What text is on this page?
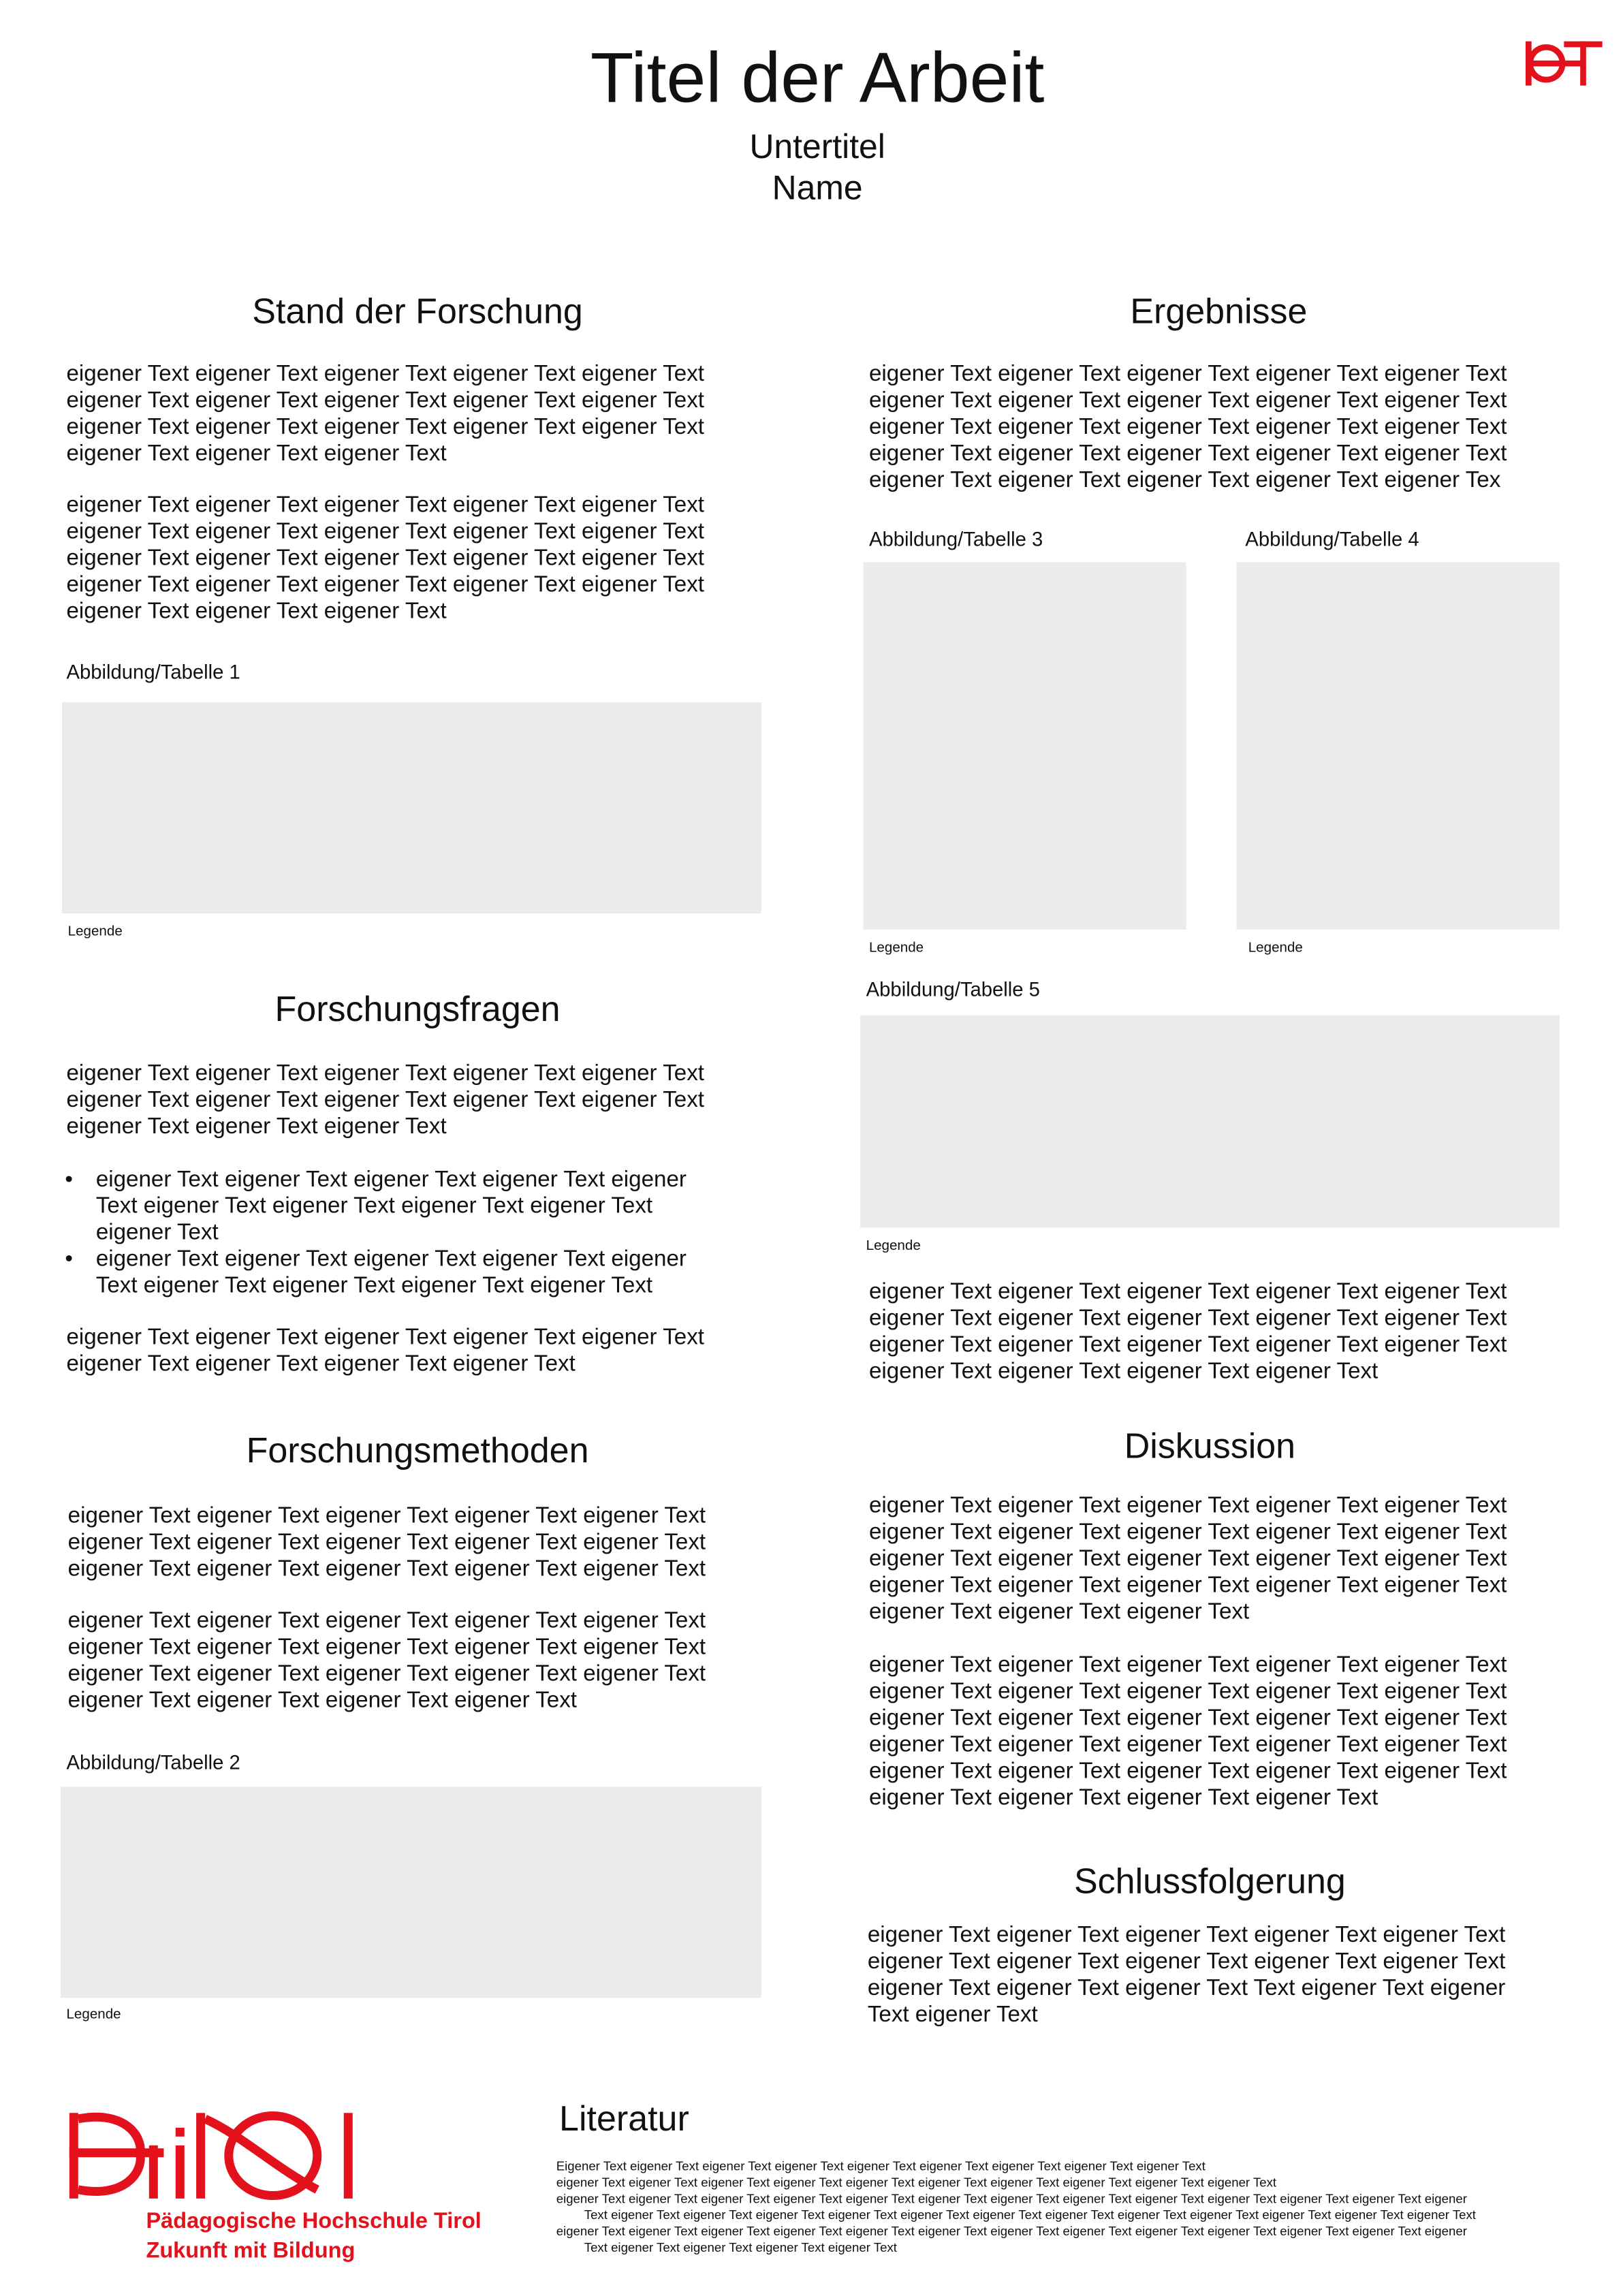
Titel der Arbeit
Untertitel
Name
Stand der Forschung
eigener Text eigener Text eigener Text eigener Text eigener Text
eigener Text eigener Text eigener Text eigener Text eigener Text
eigener Text eigener Text eigener Text eigener Text eigener Text
eigener Text eigener Text eigener Text
eigener Text eigener Text eigener Text eigener Text eigener Text
eigener Text eigener Text eigener Text eigener Text eigener Text
eigener Text eigener Text eigener Text eigener Text eigener Text
eigener Text eigener Text eigener Text eigener Text eigener Text
eigener Text eigener Text eigener Text
Abbildung/Tabelle 1
Legende
Forschungsfragen
eigener Text eigener Text eigener Text eigener Text eigener Text
eigener Text eigener Text eigener Text eigener Text eigener Text
eigener Text eigener Text eigener Text
• eigener Text eigener Text eigener Text eigener Text eigener
Text eigener Text eigener Text eigener Text eigener Text
eigener Text
• eigener Text eigener Text eigener Text eigener Text eigener
Text eigener Text eigener Text eigener Text eigener Text
eigener Text eigener Text eigener Text eigener Text eigener Text
eigener Text eigener Text eigener Text eigener Text
Forschungsmethoden
eigener Text eigener Text eigener Text eigener Text eigener Text
eigener Text eigener Text eigener Text eigener Text eigener Text
eigener Text eigener Text eigener Text eigener Text eigener Text
eigener Text eigener Text eigener Text eigener Text eigener Text
eigener Text eigener Text eigener Text eigener Text eigener Text
eigener Text eigener Text eigener Text eigener Text eigener Text
eigener Text eigener Text eigener Text eigener Text
Abbildung/Tabelle 2
Legende
Ergebnisse
eigener Text eigener Text eigener Text eigener Text eigener Text
eigener Text eigener Text eigener Text eigener Text eigener Text
eigener Text eigener Text eigener Text eigener Text eigener Text
eigener Text eigener Text eigener Text eigener Text eigener Text
eigener Text eigener Text eigener Text eigener Text eigener Tex
Abbildung/Tabelle 3	Abbildung/Tabelle 4
Legende	Legende
Abbildung/Tabelle 5
Legende
eigener Text eigener Text eigener Text eigener Text eigener Text
eigener Text eigener Text eigener Text eigener Text eigener Text
eigener Text eigener Text eigener Text eigener Text eigener Text
eigener Text eigener Text eigener Text eigener Text
Diskussion
eigener Text eigener Text eigener Text eigener Text eigener Text
eigener Text eigener Text eigener Text eigener Text eigener Text
eigener Text eigener Text eigener Text eigener Text eigener Text
eigener Text eigener Text eigener Text eigener Text eigener Text
eigener Text eigener Text eigener Text
eigener Text eigener Text eigener Text eigener Text eigener Text
eigener Text eigener Text eigener Text eigener Text eigener Text
eigener Text eigener Text eigener Text eigener Text eigener Text
eigener Text eigener Text eigener Text eigener Text eigener Text
eigener Text eigener Text eigener Text eigener Text eigener Text
eigener Text eigener Text eigener Text eigener Text
Schlussfolgerung
eigener Text eigener Text eigener Text eigener Text eigener Text
eigener Text eigener Text eigener Text eigener Text eigener Text
eigener Text eigener Text eigener Text Text eigener Text eigener
Text eigener Text
Literatur
Eigener Text eigener Text eigener Text eigener Text eigener Text eigener Text eigener Text eigener Text eigener Text
eigener Text eigener Text eigener Text eigener Text eigener Text eigener Text eigener Text eigener Text eigener Text eigener Text
eigener Text eigener Text eigener Text eigener Text eigener Text eigener Text eigener Text eigener Text eigener Text eigener Text eigener Text eigener Text eigener
Text eigener Text eigener Text eigener Text eigener Text eigener Text eigener Text eigener Text eigener Text eigener Text eigener Text eigener Text eigener Text
eigener Text eigener Text eigener Text eigener Text eigener Text eigener Text eigener Text eigener Text eigener Text eigener Text eigener Text eigener Text eigener
Text eigener Text eigener Text eigener Text eigener Text
Pädagogische Hochschule Tirol
Zukunft mit Bildung
